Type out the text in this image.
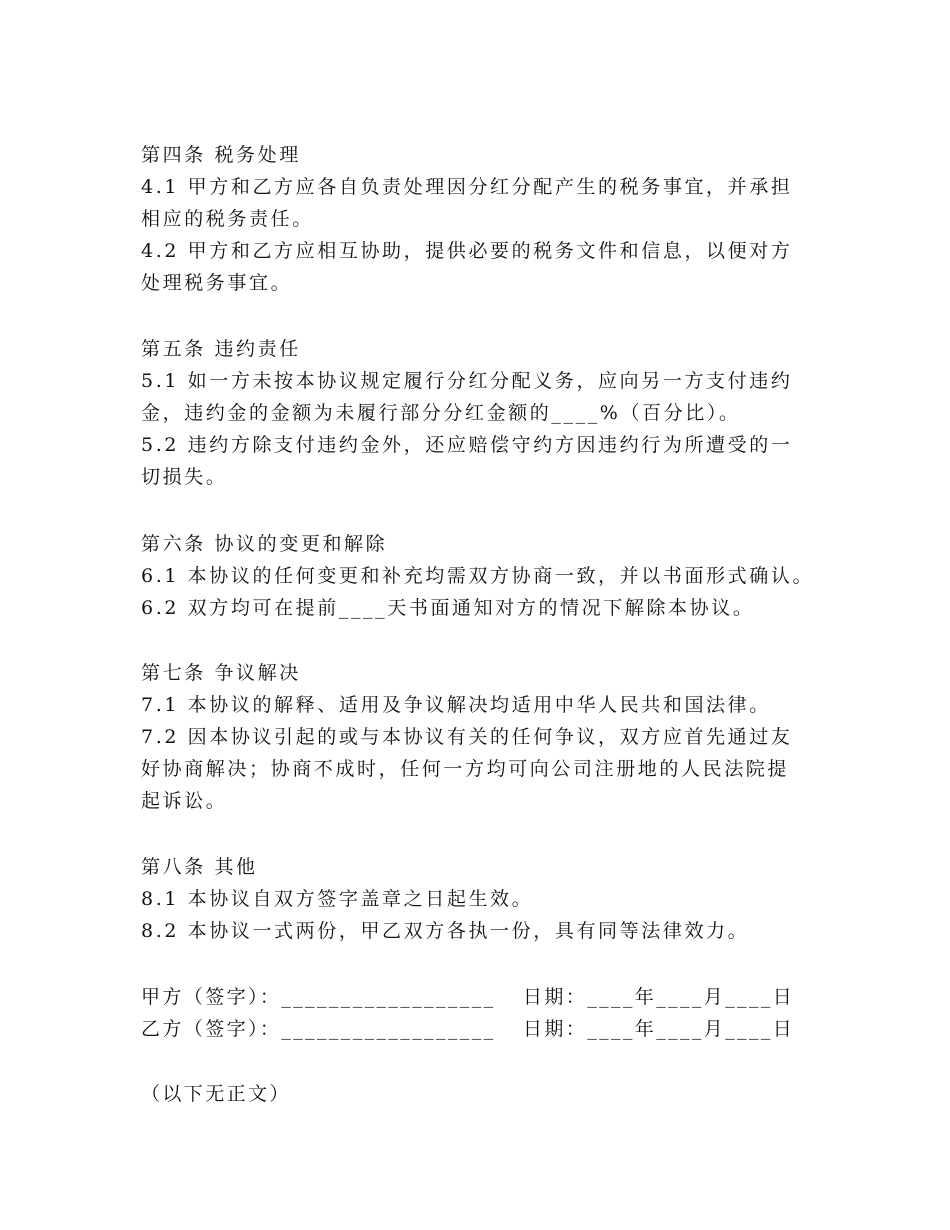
第四条 税务处理
4.1 甲方和乙方应各自负责处理因分红分配产生的税务事宜，并承担
相应的税务责任。
4.2 甲方和乙方应相互协助，提供必要的税务文件和信息，以便对方
处理税务事宜。
第五条 违约责任
5.1 如一方未按本协议规定履行分红分配义务，应向另一方支付违约
金，违约金的金额为未履行部分分红金额的____%（百分比）。
5.2 违约方除支付违约金外，还应赔偿守约方因违约行为所遭受的一
切损失。
第六条 协议的变更和解除
6.1 本协议的任何变更和补充均需双方协商一致，并以书面形式确认。
6.2 双方均可在提前____天书面通知对方的情况下解除本协议。
第七条 争议解决
7.1 本协议的解释、适用及争议解决均适用中华人民共和国法律。
7.2 因本协议引起的或与本协议有关的任何争议，双方应首先通过友
好协商解决；协商不成时，任何一方均可向公司注册地的人民法院提
起诉讼。
第八条 其他
8.1 本协议自双方签字盖章之日起生效。
8.2 本协议一式两份，甲乙双方各执一份，具有同等法律效力。

甲方（签字）：__________________

日期：____年____月____日

乙方（签字）：__________________

日期：____年____月____日

（以下无正文）
